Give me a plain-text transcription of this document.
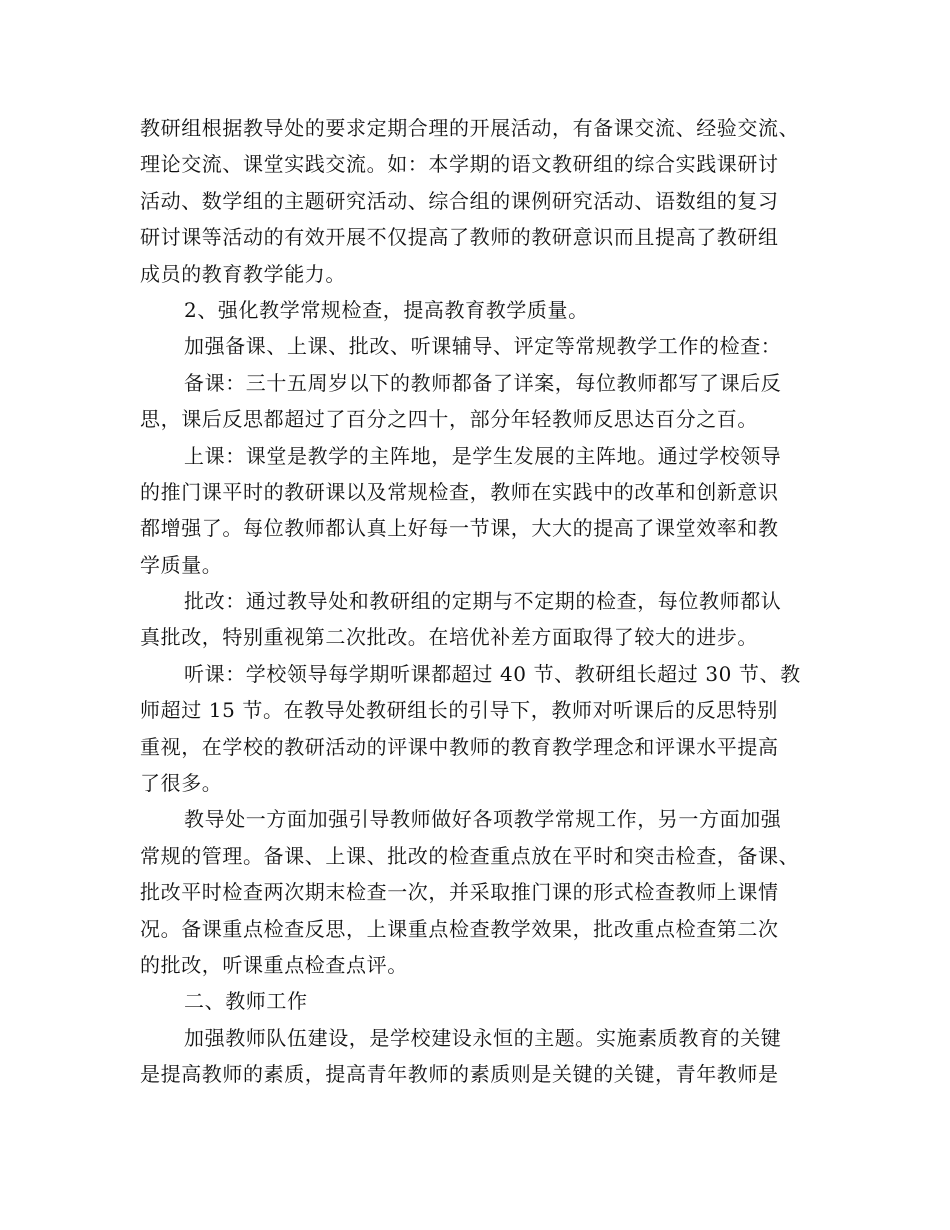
教研组根据教导处的要求定期合理的开展活动，有备课交流、经验交流、
理论交流、课堂实践交流。如：本学期的语文教研组的综合实践课研讨
活动、数学组的主题研究活动、综合组的课例研究活动、语数组的复习
研讨课等活动的有效开展不仅提高了教师的教研意识而且提高了教研组
成员的教育教学能力。
2、强化教学常规检查，提高教育教学质量。
加强备课、上课、批改、听课辅导、评定等常规教学工作的检查：
备课：三十五周岁以下的教师都备了详案，每位教师都写了课后反
思，课后反思都超过了百分之四十，部分年轻教师反思达百分之百。
上课：课堂是教学的主阵地，是学生发展的主阵地。通过学校领导
的推门课平时的教研课以及常规检查，教师在实践中的改革和创新意识
都增强了。每位教师都认真上好每一节课，大大的提高了课堂效率和教
学质量。
批改：通过教导处和教研组的定期与不定期的检查，每位教师都认
真批改，特别重视第二次批改。在培优补差方面取得了较大的进步。
听课：学校领导每学期听课都超过 40 节、教研组长超过 30 节、教
师超过 15 节。在教导处教研组长的引导下，教师对听课后的反思特别
重视，在学校的教研活动的评课中教师的教育教学理念和评课水平提高
了很多。
教导处一方面加强引导教师做好各项教学常规工作，另一方面加强
常规的管理。备课、上课、批改的检查重点放在平时和突击检查，备课、
批改平时检查两次期末检查一次，并采取推门课的形式检查教师上课情
况。备课重点检查反思，上课重点检查教学效果，批改重点检查第二次
的批改，听课重点检查点评。
二、教师工作
加强教师队伍建设，是学校建设永恒的主题。实施素质教育的关键
是提高教师的素质，提高青年教师的素质则是关键的关键，青年教师是
